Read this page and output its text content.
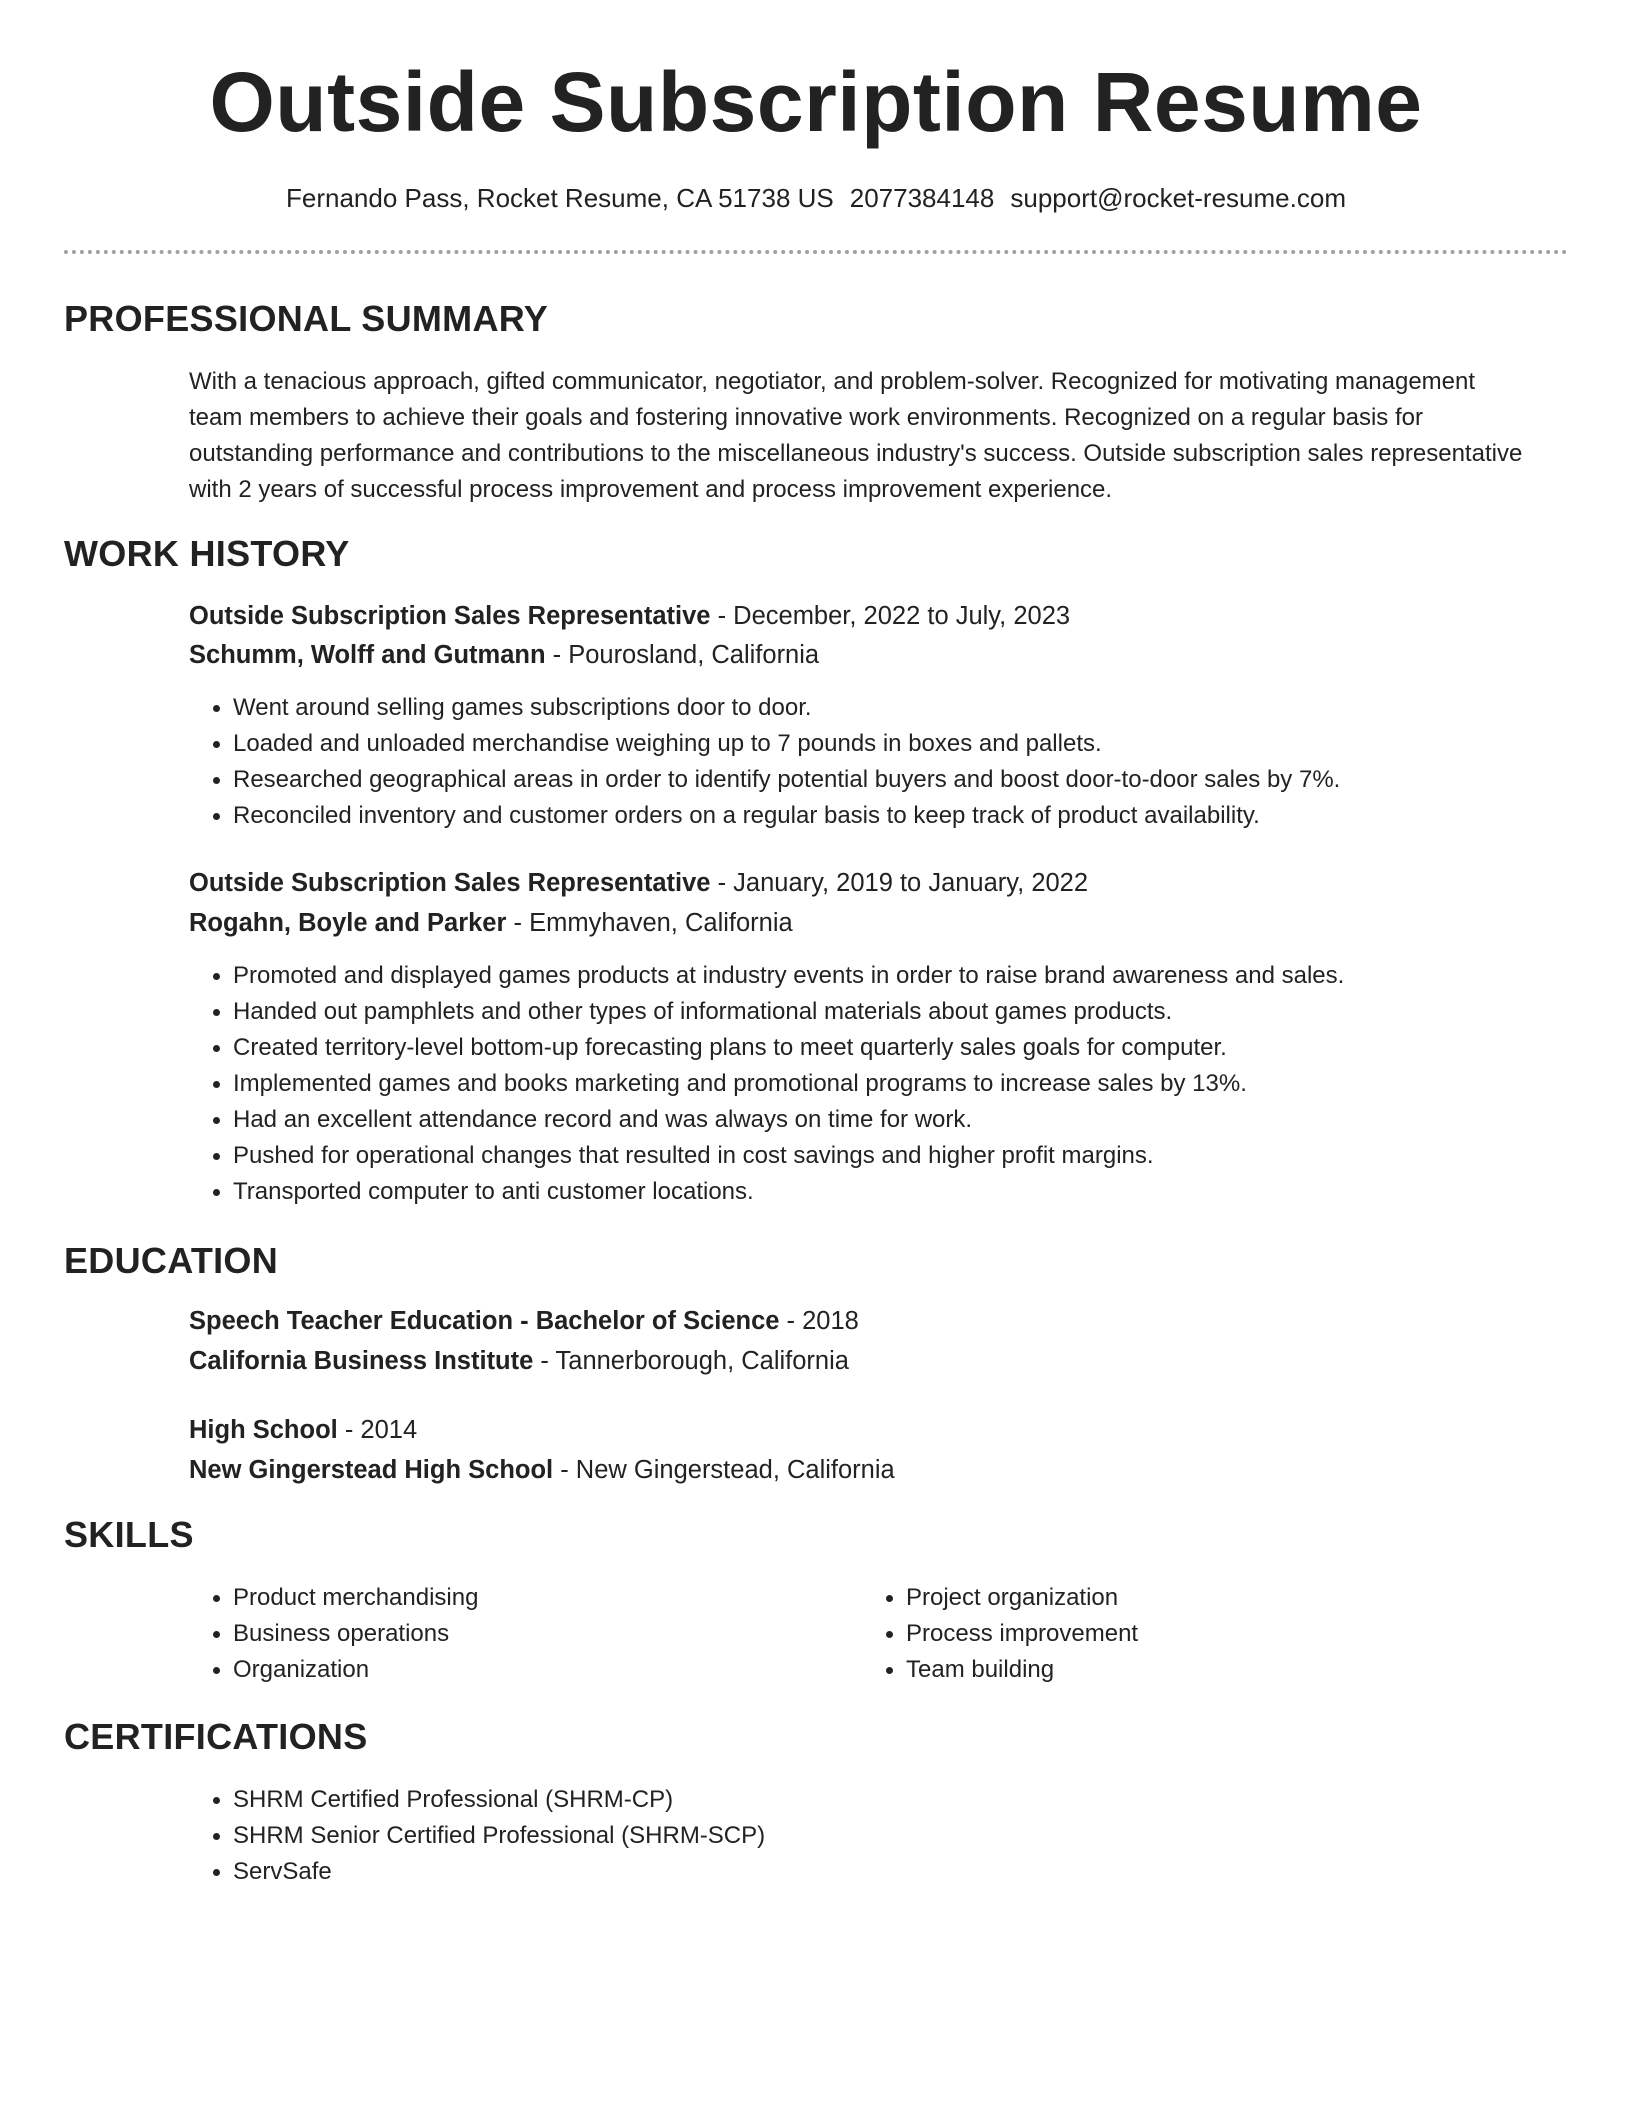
Outside Subscription Resume
Fernando Pass, Rocket Resume, CA 51738 US 2077384148 support@rocket-resume.com
PROFESSIONAL SUMMARY
With a tenacious approach, gifted communicator, negotiator, and problem-solver. Recognized for motivating management team members to achieve their goals and fostering innovative work environments. Recognized on a regular basis for outstanding performance and contributions to the miscellaneous industry's success. Outside subscription sales representative with 2 years of successful process improvement and process improvement experience.
WORK HISTORY
Outside Subscription Sales Representative - December, 2022 to July, 2023
Schumm, Wolff and Gutmann - Pourosland, California
• Went around selling games subscriptions door to door.
• Loaded and unloaded merchandise weighing up to 7 pounds in boxes and pallets.
• Researched geographical areas in order to identify potential buyers and boost door-to-door sales by 7%.
• Reconciled inventory and customer orders on a regular basis to keep track of product availability.
Outside Subscription Sales Representative - January, 2019 to January, 2022
Rogahn, Boyle and Parker - Emmyhaven, California
• Promoted and displayed games products at industry events in order to raise brand awareness and sales.
• Handed out pamphlets and other types of informational materials about games products.
• Created territory-level bottom-up forecasting plans to meet quarterly sales goals for computer.
• Implemented games and books marketing and promotional programs to increase sales by 13%.
• Had an excellent attendance record and was always on time for work.
• Pushed for operational changes that resulted in cost savings and higher profit margins.
• Transported computer to anti customer locations.
EDUCATION
Speech Teacher Education - Bachelor of Science - 2018
California Business Institute - Tannerborough, California
High School - 2014
New Gingerstead High School - New Gingerstead, California
SKILLS
• Product merchandising
• Business operations
• Organization
• Project organization
• Process improvement
• Team building
CERTIFICATIONS
• SHRM Certified Professional (SHRM-CP)
• SHRM Senior Certified Professional (SHRM-SCP)
• ServSafe
